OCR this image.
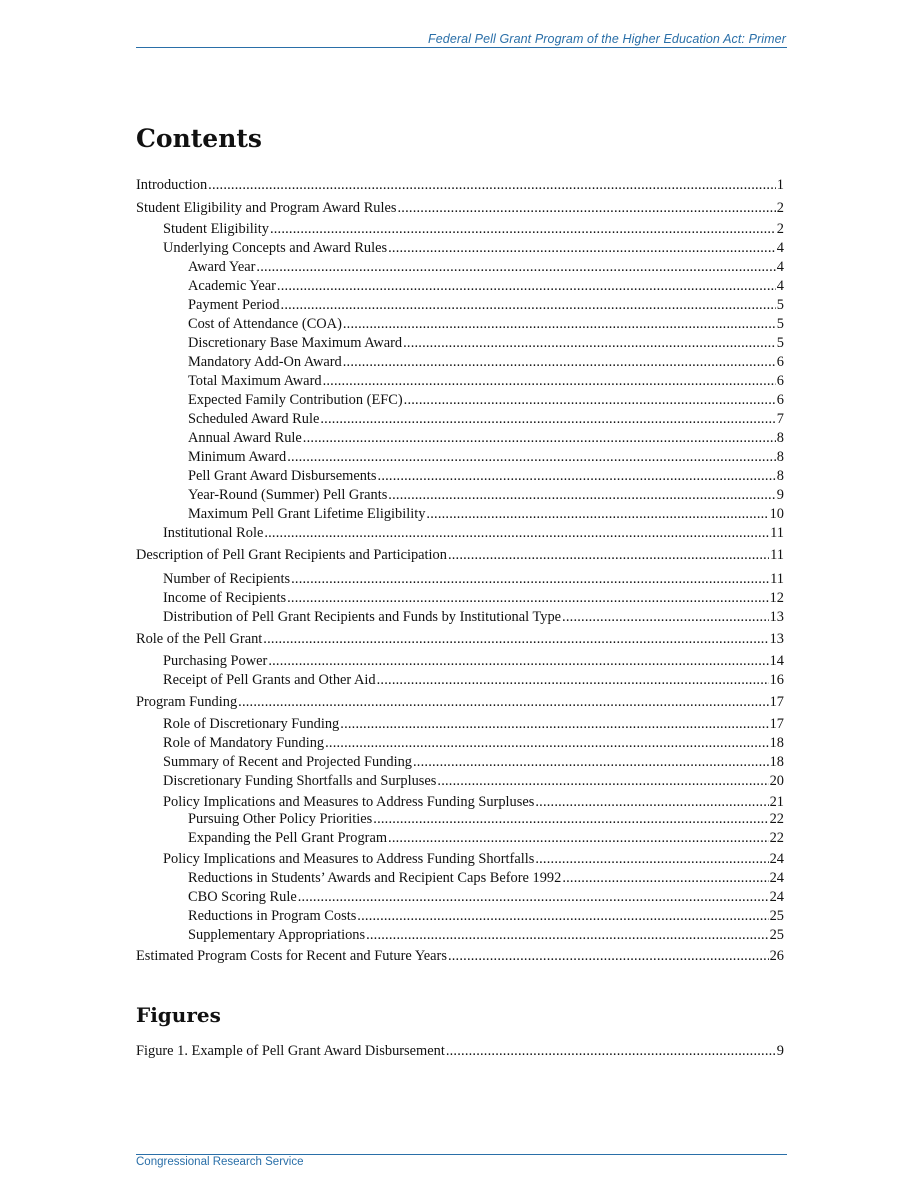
Federal Pell Grant Program of the Higher Education Act: Primer
Contents
Introduction .....	1
Student Eligibility and Program Award Rules .....	2
Student Eligibility .....	2
Underlying Concepts and Award Rules .....	4
Award Year .....	4
Academic Year .....	4
Payment Period .....	5
Cost of Attendance (COA) .....	5
Discretionary Base Maximum Award .....	5
Mandatory Add-On Award .....	6
Total Maximum Award .....	6
Expected Family Contribution (EFC) .....	6
Scheduled Award Rule .....	7
Annual Award Rule .....	8
Minimum Award .....	8
Pell Grant Award Disbursements .....	8
Year-Round (Summer) Pell Grants .....	9
Maximum Pell Grant Lifetime Eligibility .....	10
Institutional Role .....	11
Description of Pell Grant Recipients and Participation .....	11
Number of Recipients .....	11
Income of Recipients .....	12
Distribution of Pell Grant Recipients and Funds by Institutional Type .....	13
Role of the Pell Grant .....	13
Purchasing Power .....	14
Receipt of Pell Grants and Other Aid .....	16
Program Funding .....	17
Role of Discretionary Funding .....	17
Role of Mandatory Funding .....	18
Summary of Recent and Projected Funding .....	18
Discretionary Funding Shortfalls and Surpluses .....	20
Policy Implications and Measures to Address Funding Surpluses .....	21
Pursuing Other Policy Priorities .....	22
Expanding the Pell Grant Program .....	22
Policy Implications and Measures to Address Funding Shortfalls .....	24
Reductions in Students’ Awards and Recipient Caps Before 1992 .....	24
CBO Scoring Rule .....	24
Reductions in Program Costs .....	25
Supplementary Appropriations .....	25
Estimated Program Costs for Recent and Future Years .....	26
Figures
Figure 1. Example of Pell Grant Award Disbursement .....	9
Congressional Research Service
